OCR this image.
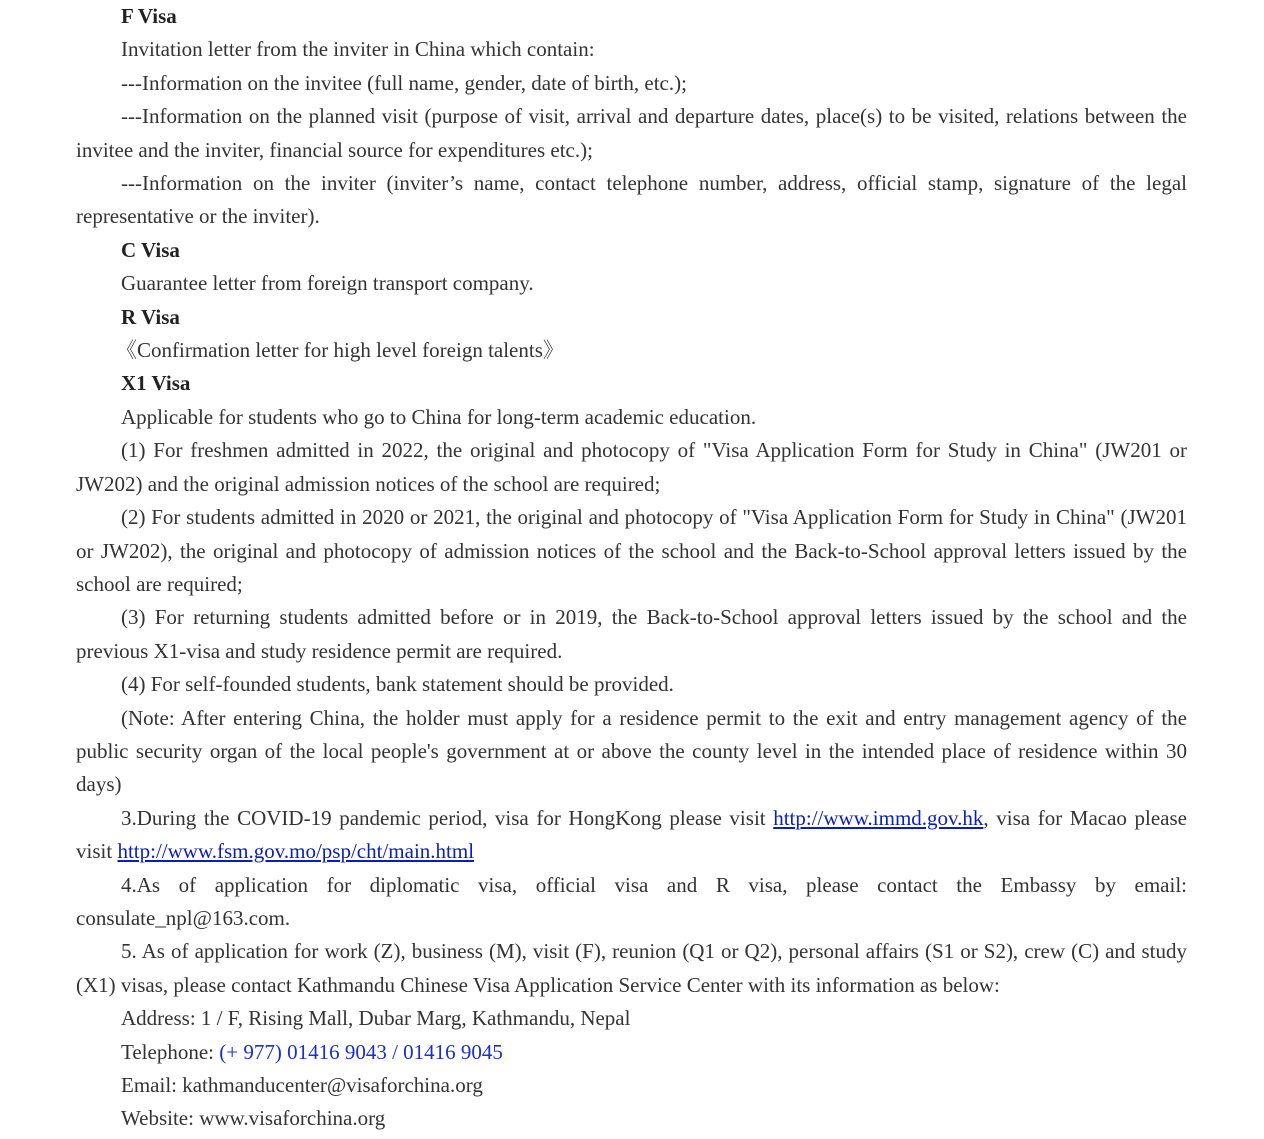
F Visa

Invitation letter from the inviter in China which contain:

---Information on the invitee (full name, gender, date of birth, etc.);

---Information on the planned visit (purpose of visit, arrival and departure dates, place(s) to be visited, relations between the invitee and the inviter, financial source for expenditures etc.);

---Information on the inviter (inviter’s name, contact telephone number, address, official stamp, signature of the legal representative or the inviter).

C Visa

Guarantee letter from foreign transport company.

R Visa

《Confirmation letter for high level foreign talents》

X1 Visa

Applicable for students who go to China for long-term academic education.

(1) For freshmen admitted in 2022, the original and photocopy of "Visa Application Form for Study in China" (JW201 or JW202) and the original admission notices of the school are required;

(2) For students admitted in 2020 or 2021, the original and photocopy of "Visa Application Form for Study in China" (JW201 or JW202), the original and photocopy of admission notices of the school and the Back-to-School approval letters issued by the school are required;

(3) For returning students admitted before or in 2019, the Back-to-School approval letters issued by the school and the previous X1-visa and study residence permit are required.

(4) For self-founded students, bank statement should be provided.

(Note: After entering China, the holder must apply for a residence permit to the exit and entry management agency of the public security organ of the local people's government at or above the county level in the intended place of residence within 30 days)

3.During the COVID-19 pandemic period, visa for HongKong please visit http://www.immd.gov.hk, visa for Macao please visit http://www.fsm.gov.mo/psp/cht/main.html

4.As of application for diplomatic visa, official visa and R visa, please contact the Embassy by email: consulate_npl@163.com.

5. As of application for work (Z), business (M), visit (F), reunion (Q1 or Q2), personal affairs (S1 or S2), crew (C) and study (X1) visas, please contact Kathmandu Chinese Visa Application Service Center with its information as below:

Address: 1 / F, Rising Mall, Dubar Marg, Kathmandu, Nepal

Telephone: (+ 977) 01416 9043 / 01416 9045

Email: kathmanducenter@visaforchina.org

Website: www.visaforchina.org
